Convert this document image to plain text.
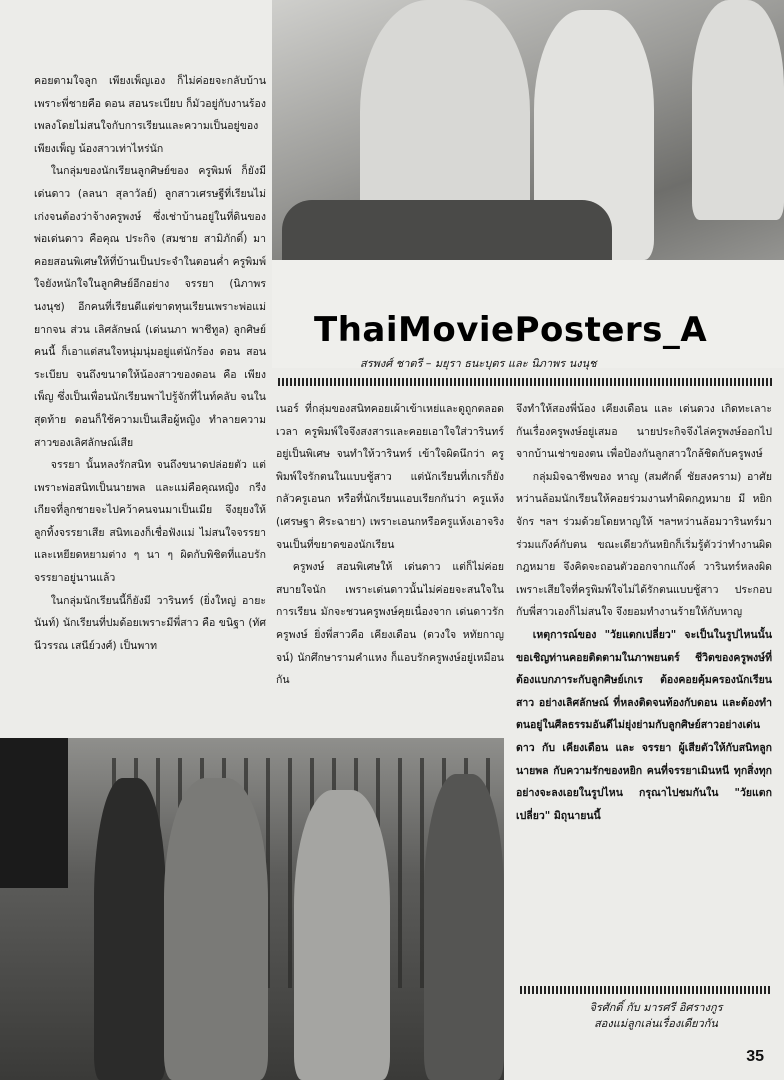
ThaiMoviePosters_A
สรพงศ์ ชาตรี – มยุรา ธนะบุตร และ นิภาพร นงนุช

คอยตามใจลูก เพียงเพ็ญเอง ก็ไม่ค่อยจะกลับบ้านเพราะพี่ชายคือ ดอน สอนระเบียบ ก็มัวอยู่กับงานร้องเพลงโดยไม่สนใจกับการเรียนและความเป็นอยู่ของเพียงเพ็ญ น้องสาวเท่าไหร่นัก

ในกลุ่มของนักเรียนลูกศิษย์ของ ครูพิมพ์ ก็ยังมี เด่นดาว (ลลนา สุลาวัลย์) ลูกสาวเศรษฐีที่เรียนไม่เก่งจนต้องว่าจ้างครูพงษ์ ซึ่งเช่าบ้านอยู่ในที่ดินของพ่อเด่นดาว คือคุณ ประกิจ (สมชาย สามิภักดิ์) มาคอยสอนพิเศษให้ที่บ้านเป็นประจำในตอนค่ำ ครูพิมพ์ใจยังหนักใจในลูกศิษย์อีกอย่าง จรรยา (นิภาพร นงนุช) อีกคนที่เรียนดีแต่ขาดทุนเรียนเพราะพ่อแม่ยากจน ส่วน เลิศลักษณ์ (เด่นนภา พาชีทูล) ลูกศิษย์คนนี้ ก็เอาแต่สนใจหนุ่มนุ่มอยู่แต่นักร้อง ดอน สอนระเบียบ จนถึงขนาดให้น้องสาวของดอน คือ เพียงเพ็ญ ซึ่งเป็นเพื่อนนักเรียนพาไปรู้จักที่ไนท์คลับ จนในสุดท้าย ดอนก็ใช้ความเป็นเสือผู้หญิง ทำลายความสาวของเลิศลักษณ์เสีย

จรรยา นั้นหลงรักสนิท จนถึงขนาดปล่อยตัว แต่เพราะพ่อสนิทเป็นนายพล และแม่คือคุณหญิง กรีงเกียจที่ลูกชายจะไปคว้าคนจนมาเป็นเมีย จึงยุยงให้ลูกทิ้งจรรยาเสีย สนิทเองก็เชื่อฟังแม่ ไม่สนใจจรรยา และเหยียดหยามต่าง ๆ นา ๆ ผิดกับพิชิตที่แอบรักจรรยาอยู่นานแล้ว

ในกลุ่มนักเรียนนี้ก็ยังมี วารินทร์ (ยิ่งใหญ่ อายะนันท์) นักเรียนที่ปมด้อยเพราะมีพี่สาว คือ ขนิฐา (ทัศนีวรรณ เสนีย์วงศ์) เป็นพาท

เนอร์ ที่กลุ่มของสนิทคอยเผ้าเข้าเหย่และดูถูกตลอดเวลา ครูพิมพ์ใจจึงสงสารและคอยเอาใจใส่วารินทร์อยู่เป็นพิเศษ จนทำให้วารินทร์ เข้าใจผิดนึกว่า ครูพิมพ์ใจรักตนในแบบชู้สาว แต่นักเรียนที่เกเรก็ยังกลัวครูเอนก หรือที่นักเรียนแอบเรียกกันว่า ครูแห้ง (เศรษฐา ศิระฉายา) เพราะเอนกหรือครูแห้งเอาจริงจนเป็นที่ขยาดของนักเรียน

ครูพงษ์ สอนพิเศษให้ เด่นดาว แต่ก็ไม่ค่อยสบายใจนัก เพราะเด่นดาวนั้นไม่ค่อยจะสนใจในการเรียน มักจะชวนครูพงษ์คุยเนื่องจาก เด่นดาวรักครูพงษ์ ยิ่งพี่สาวคือ เคียงเดือน (ดวงใจ หทัยกาญจน์) นักศึกษารามคำแหง ก็แอบรักครูพงษ์อยู่เหมือนกัน

จึงทำให้สองพี่น้อง เคียงเดือน และ เด่นดวง เกิดทะเลาะกันเรื่องครูพงษ์อยู่เสมอ นายประกิจจึงไล่ครูพงษ์ออกไปจากบ้านเช่าของตน เพื่อป้องกันลูกสาวใกล้ชิดกับครูพงษ์

กลุ่มมิจฉาชีพของ หาญ (สมศักดิ์ ชัยสงคราม) อาศัยหว่านล้อมนักเรียนให้คอยร่วมงานทำผิดกฎหมาย มี หยิก จักร ฯลฯ ร่วมด้วยโดยหาญให้ ฯลฯหว่านล้อมวารินทร์มาร่วมแก๊งค์กับตน ขณะเดียวกันหยิกก็เริ่มรู้ตัวว่าทำงานผิดกฎหมาย จึงคิดจะถอนตัวออกจากแก๊งค์ วารินทร์หลงผิดเพราะเสียใจที่ครูพิมพ์ใจไม่ได้รักตนแบบชู้สาว ประกอบกับพี่สาวเองก็ไม่สนใจ จึงยอมทำงานร้ายให้กับหาญ

เหตุการณ์ของ "วัยแตกเปลี่ยว" จะเป็นในรูปไหนนั้นขอเชิญท่านคอยติดตามในภาพยนตร์ ชีวิตของครูพงษ์ที่ต้องแบกภาระกับลูกศิษย์เกเร ต้องคอยคุ้มครองนักเรียนสาว อย่างเลิศลักษณ์ ที่หลงติดจนท้องกับดอน และต้องทำตนอยู่ในศีลธรรมอันดีไม่ยุ่งย่ามกับลูกศิษย์สาวอย่างเด่นดาว กับ เคียงเดือน และ จรรยา ผู้เสียตัวให้กับสนิทลูกนายพล กับความรักของหยิก คนที่จรรยาเมินหนี ทุกสิ่งทุกอย่างจะลงเอยในรูปไหน กรุณาไปชมกันใน "วัยแตกเปลี่ยว" มิถุนายนนี้

จิรศักดิ์ กับ มารศรี อิศรางกูร
สองแม่ลูกเล่นเรื่องเดียวกัน
35
